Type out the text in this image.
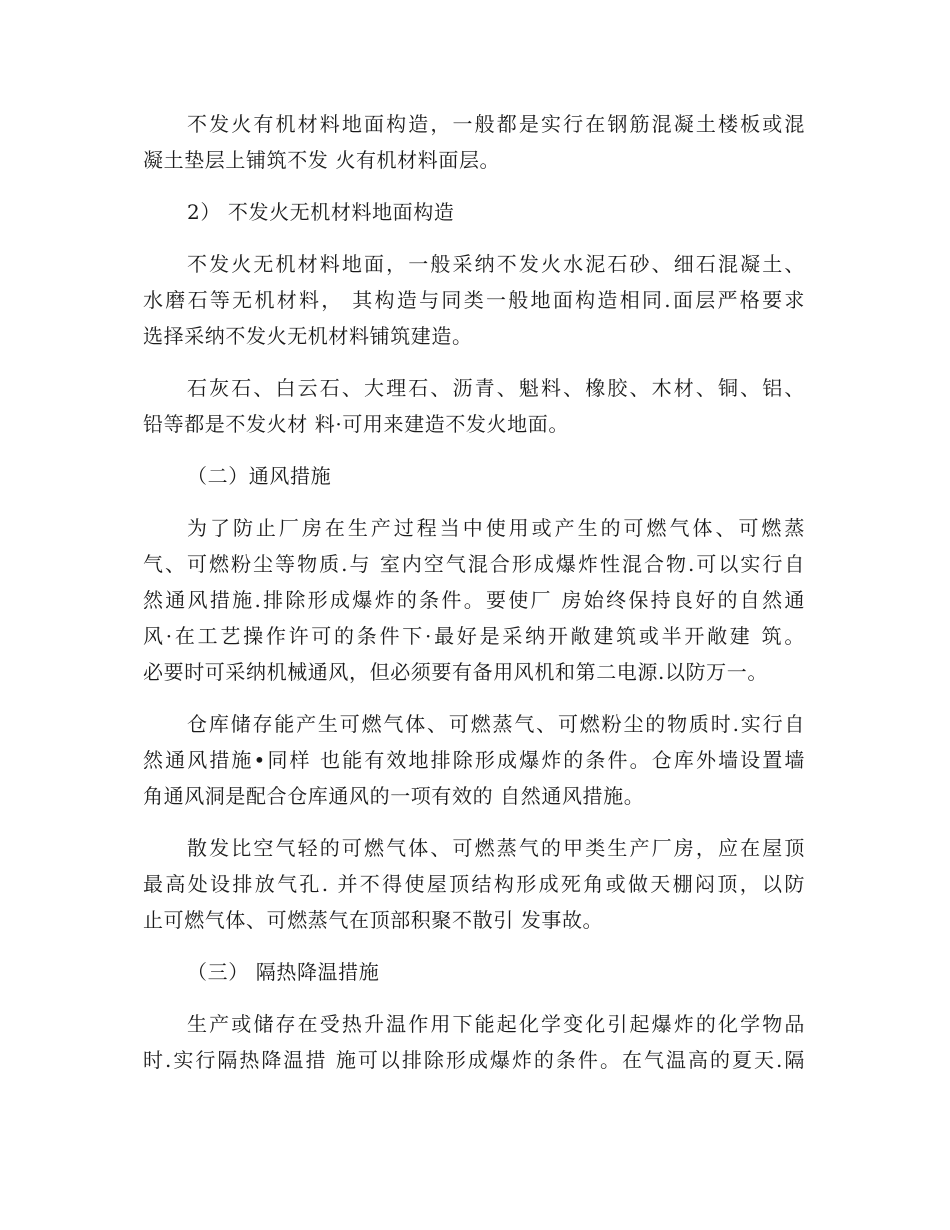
不发火有机材料地面构造，一般都是实行在钢筋混凝土楼板或混
凝土垫层上铺筑不发 火有机材料面层。
2） 不发火无机材料地面构造
不发火无机材料地面，一般采纳不发火水泥石砂、细石混凝土、
水磨石等无机材料， 其构造与同类一般地面构造相同.面层严格要求
选择采纳不发火无机材料铺筑建造。
石灰石、白云石、大理石、沥青、魁料、橡胶、木材、铜、铝、
铅等都是不发火材 料·可用来建造不发火地面。
（二）通风措施
为了防止厂房在生产过程当中使用或产生的可燃气体、可燃蒸
气、可燃粉尘等物质.与 室内空气混合形成爆炸性混合物.可以实行自
然通风措施.排除形成爆炸的条件。要使厂 房始终保持良好的自然通
风·在工艺操作许可的条件下·最好是采纳开敞建筑或半开敞建 筑。
必要时可采纳机械通风，但必须要有备用风机和第二电源.以防万一。
仓库储存能产生可燃气体、可燃蒸气、可燃粉尘的物质时.实行自
然通风措施•同样 也能有效地排除形成爆炸的条件。仓库外墙设置墙
角通风洞是配合仓库通风的一项有效的 自然通风措施。
散发比空气轻的可燃气体、可燃蒸气的甲类生产厂房，应在屋顶
最高处设排放气孔. 并不得使屋顶结构形成死角或做天棚闷顶，以防
止可燃气体、可燃蒸气在顶部积聚不散引 发事故。
（三） 隔热降温措施
生产或储存在受热升温作用下能起化学变化引起爆炸的化学物品
时.实行隔热降温措 施可以排除形成爆炸的条件。在气温高的夏天.隔
